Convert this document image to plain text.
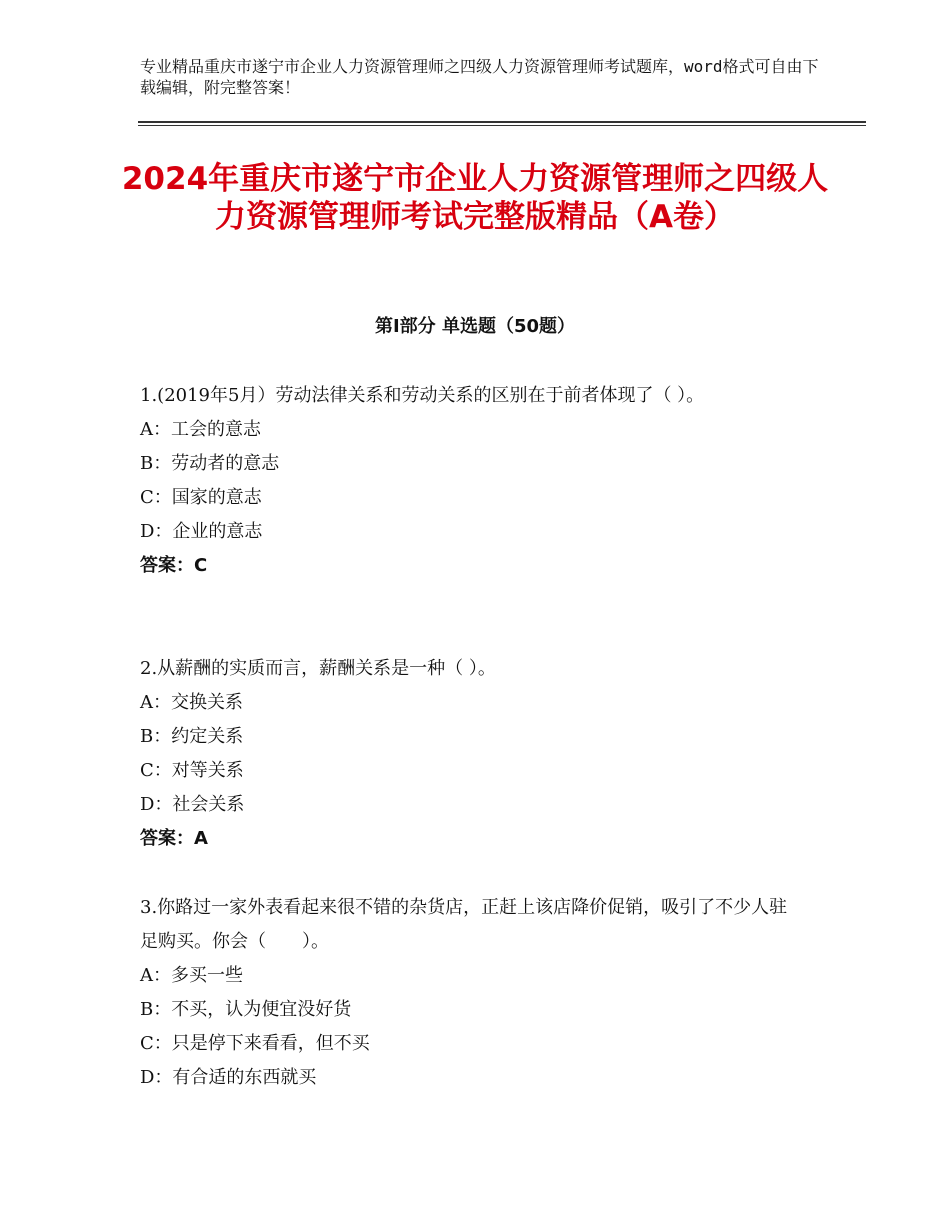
专业精品重庆市遂宁市企业人力资源管理师之四级人力资源管理师考试题库，word格式可自由下载编辑，附完整答案！
2024年重庆市遂宁市企业人力资源管理师之四级人力资源管理师考试完整版精品（A卷）
第Ⅰ部分 单选题（50题）

1.(2019年5月）劳动法律关系和劳动关系的区别在于前者体现了（ ）。

A：工会的意志

B：劳动者的意志

C：国家的意志

D：企业的意志

答案：C

2.从薪酬的实质而言，薪酬关系是一种（ ）。

A：交换关系

B：约定关系

C：对等关系

D：社会关系

答案：A

3.你路过一家外表看起来很不错的杂货店，正赶上该店降价促销，吸引了不少人驻足购买。你会（　　）。

A：多买一些

B：不买，认为便宜没好货

C：只是停下来看看，但不买

D：有合适的东西就买
